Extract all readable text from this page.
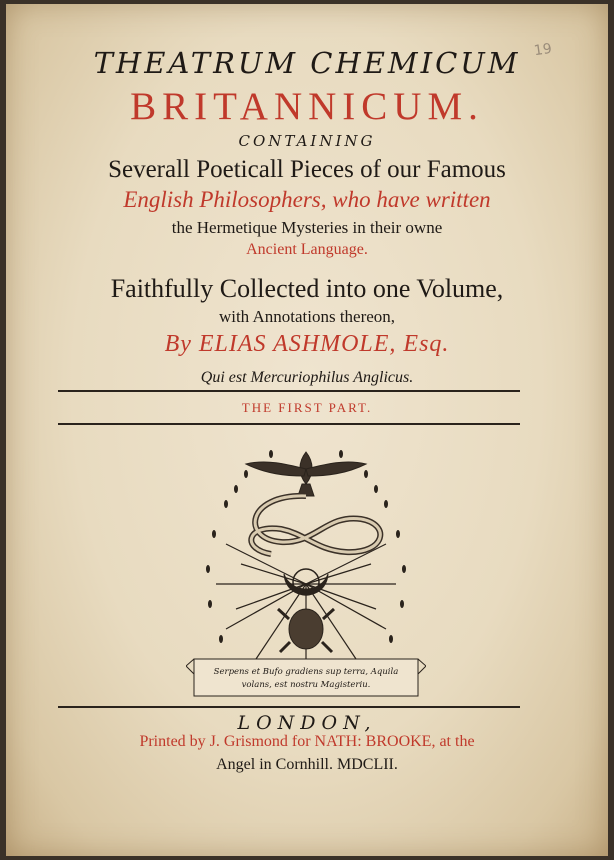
19
THEATRUM CHEMICUM
BRITANNICUM.
CONTAINING
Severall Poeticall Pieces of our Famous
English Philosophers, who have written
the Hermetique Mysteries in their owne
Ancient Language.
Faithfully Collected into one Volume,
with Annotations thereon,
By ELIAS ASHMOLE, Esq.
Qui est Mercuriophilus Anglicus.
THE FIRST PART.
Serpens et Bufo gradiens sup terra, Aquila
volans, est nostru Magisteriu.
LONDON,
Printed by J. Grismond for NATH: BROOKE, at the
Angel in Cornhill. MDCLII.
